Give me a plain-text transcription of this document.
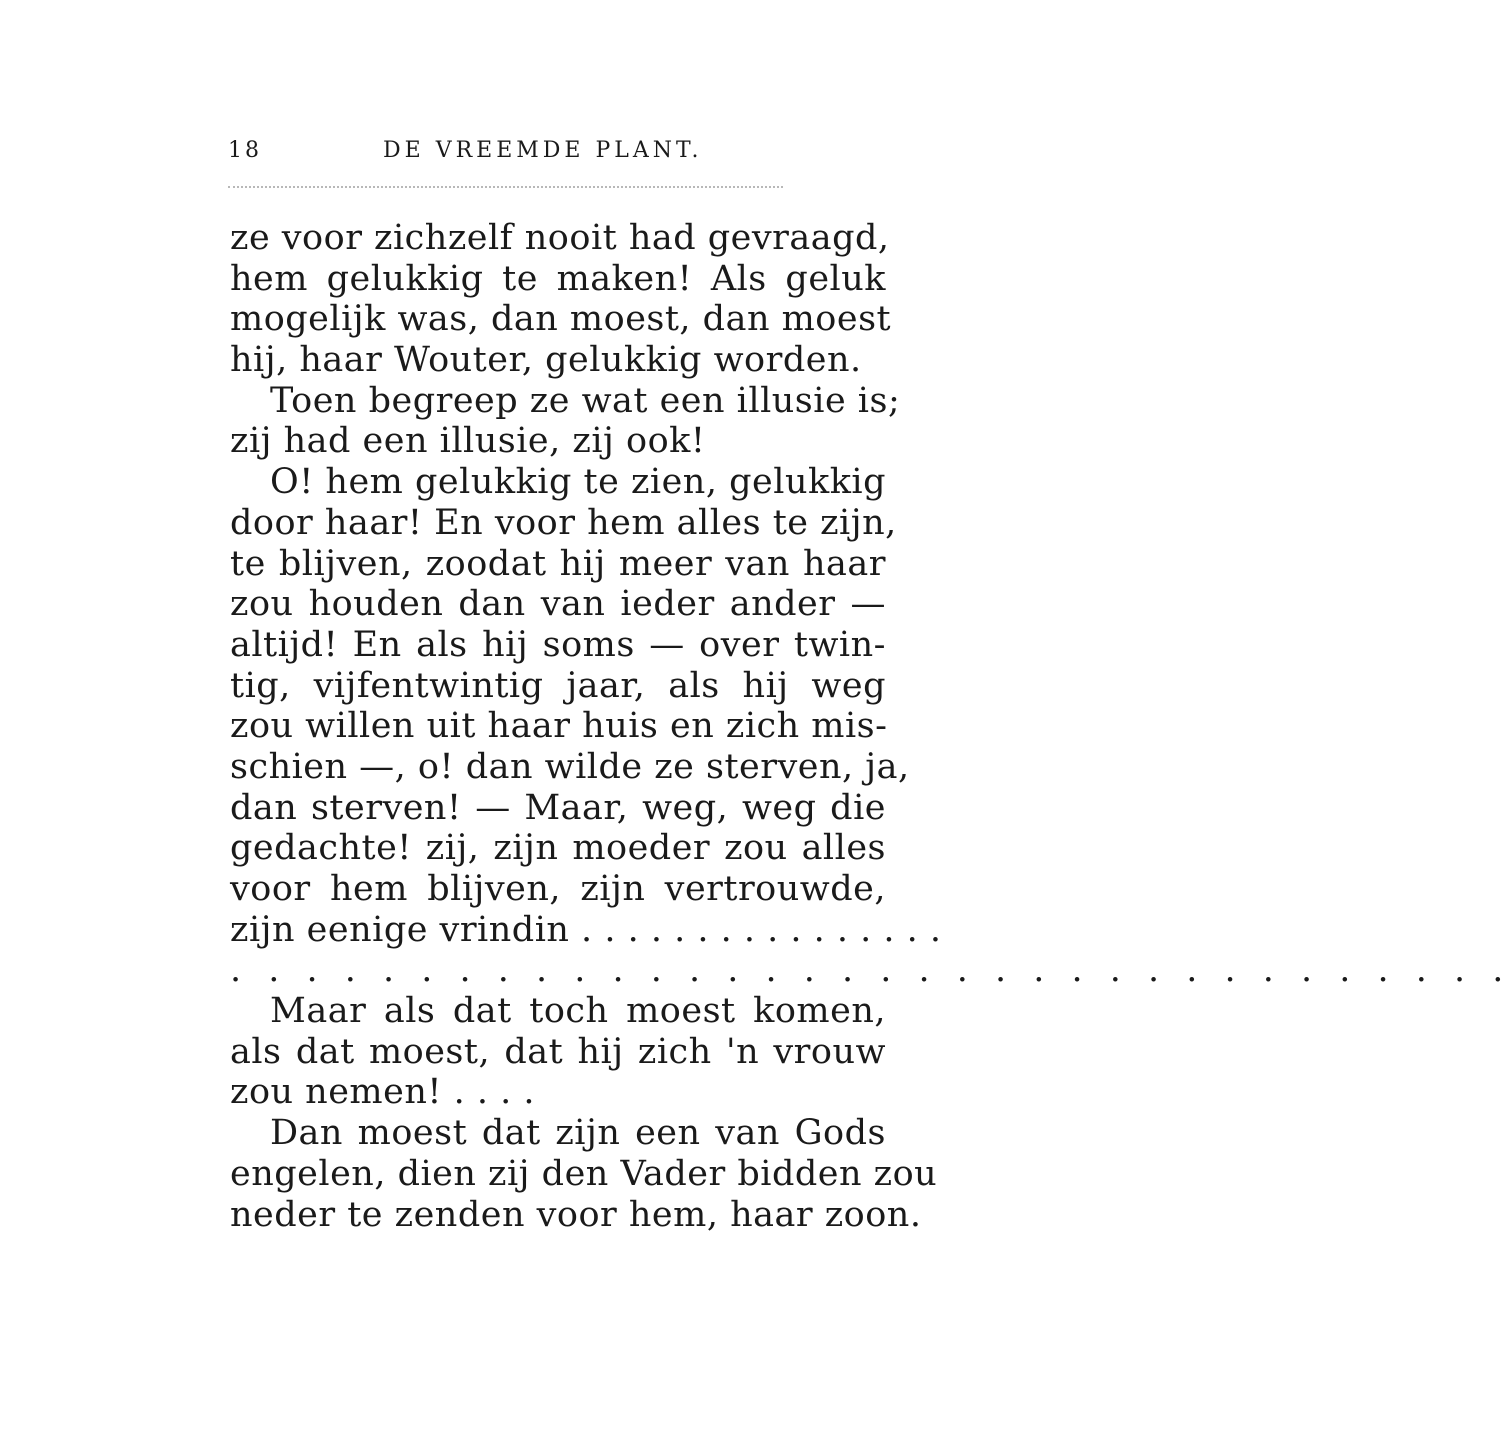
18	DE VREEMDE PLANT.
ze voor zichzelf nooit had gevraagd,
hem gelukkig te maken! Als geluk
mogelijk was, dan moest, dan moest
hij, haar Wouter, gelukkig worden.
Toen begreep ze wat een illusie is;
zij had een illusie, zij ook!
O! hem gelukkig te zien, gelukkig
door haar! En voor hem alles te zijn,
te blijven, zoodat hij meer van haar
zou houden dan van ieder ander —
altijd! En als hij soms — over twin-
tig, vijfentwintig jaar, als hij weg
zou willen uit haar huis en zich mis-
schien —, o! dan wilde ze sterven, ja,
dan sterven! — Maar, weg, weg die
gedachte! zij, zijn moeder zou alles
voor hem blijven, zijn vertrouwde,
zijn eenige vrindin . . . . . . . . . . . . . . . .
. . . . . . . . . . . . . . . . . . . . . . . . . . . . . . . . . .
Maar als dat toch moest komen,
als dat moest, dat hij zich 'n vrouw
zou nemen! . . . .
Dan moest dat zijn een van Gods
engelen, dien zij den Vader bidden zou
neder te zenden voor hem, haar zoon.
